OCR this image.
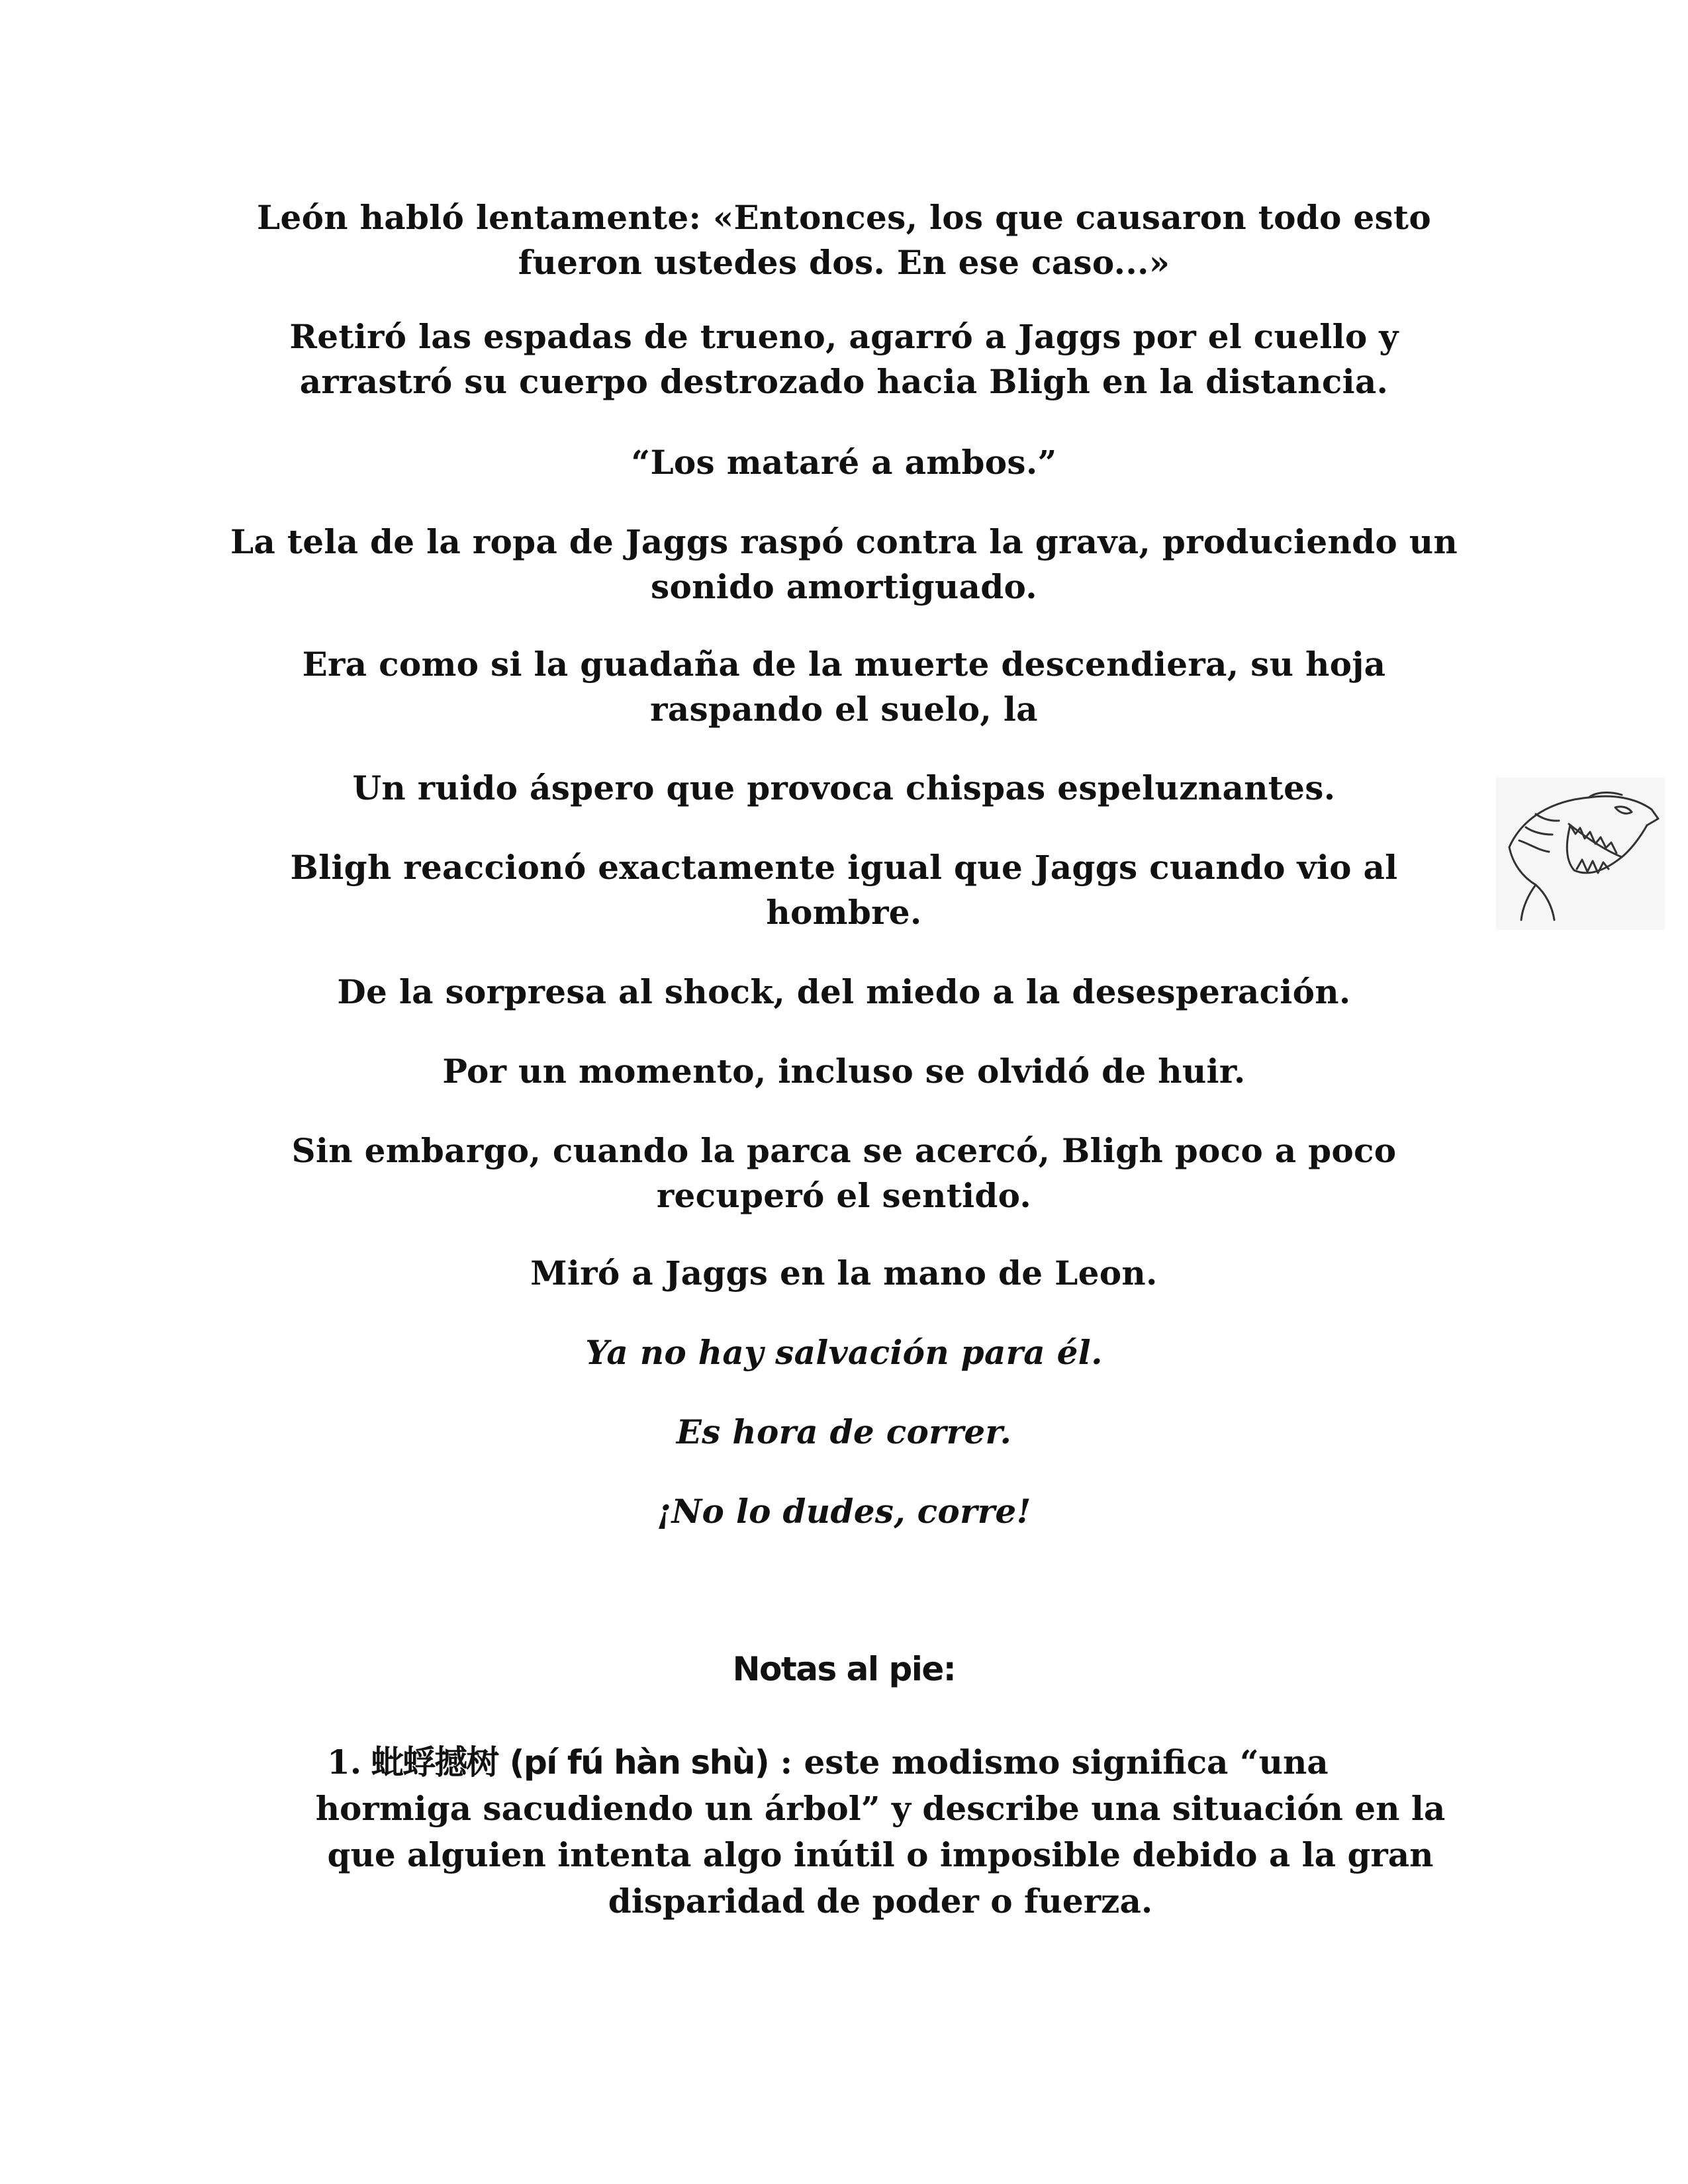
León habló lentamente: «Entonces, los que causaron todo esto fueron ustedes dos. En ese caso...»

Retiró las espadas de trueno, agarró a Jaggs por el cuello y arrastró su cuerpo destrozado hacia Bligh en la distancia.

“Los mataré a ambos.”

La tela de la ropa de Jaggs raspó contra la grava, produciendo un sonido amortiguado.

Era como si la guadaña de la muerte descendiera, su hoja raspando el suelo, la

Un ruido áspero que provoca chispas espeluznantes.

Bligh reaccionó exactamente igual que Jaggs cuando vio al hombre.

De la sorpresa al shock, del miedo a la desesperación.

Por un momento, incluso se olvidó de huir.

Sin embargo, cuando la parca se acercó, Bligh poco a poco recuperó el sentido.

Miró a Jaggs en la mano de Leon.

Ya no hay salvación para él.

Es hora de correr.

¡No lo dudes, corre!

Notas al pie:

1. 蚍蜉撼树 (pí fú hàn shù) : este modismo significa “una
hormiga sacudiendo un árbol” y describe una situación en la que alguien intenta algo inútil o imposible debido a la gran disparidad de poder o fuerza.
